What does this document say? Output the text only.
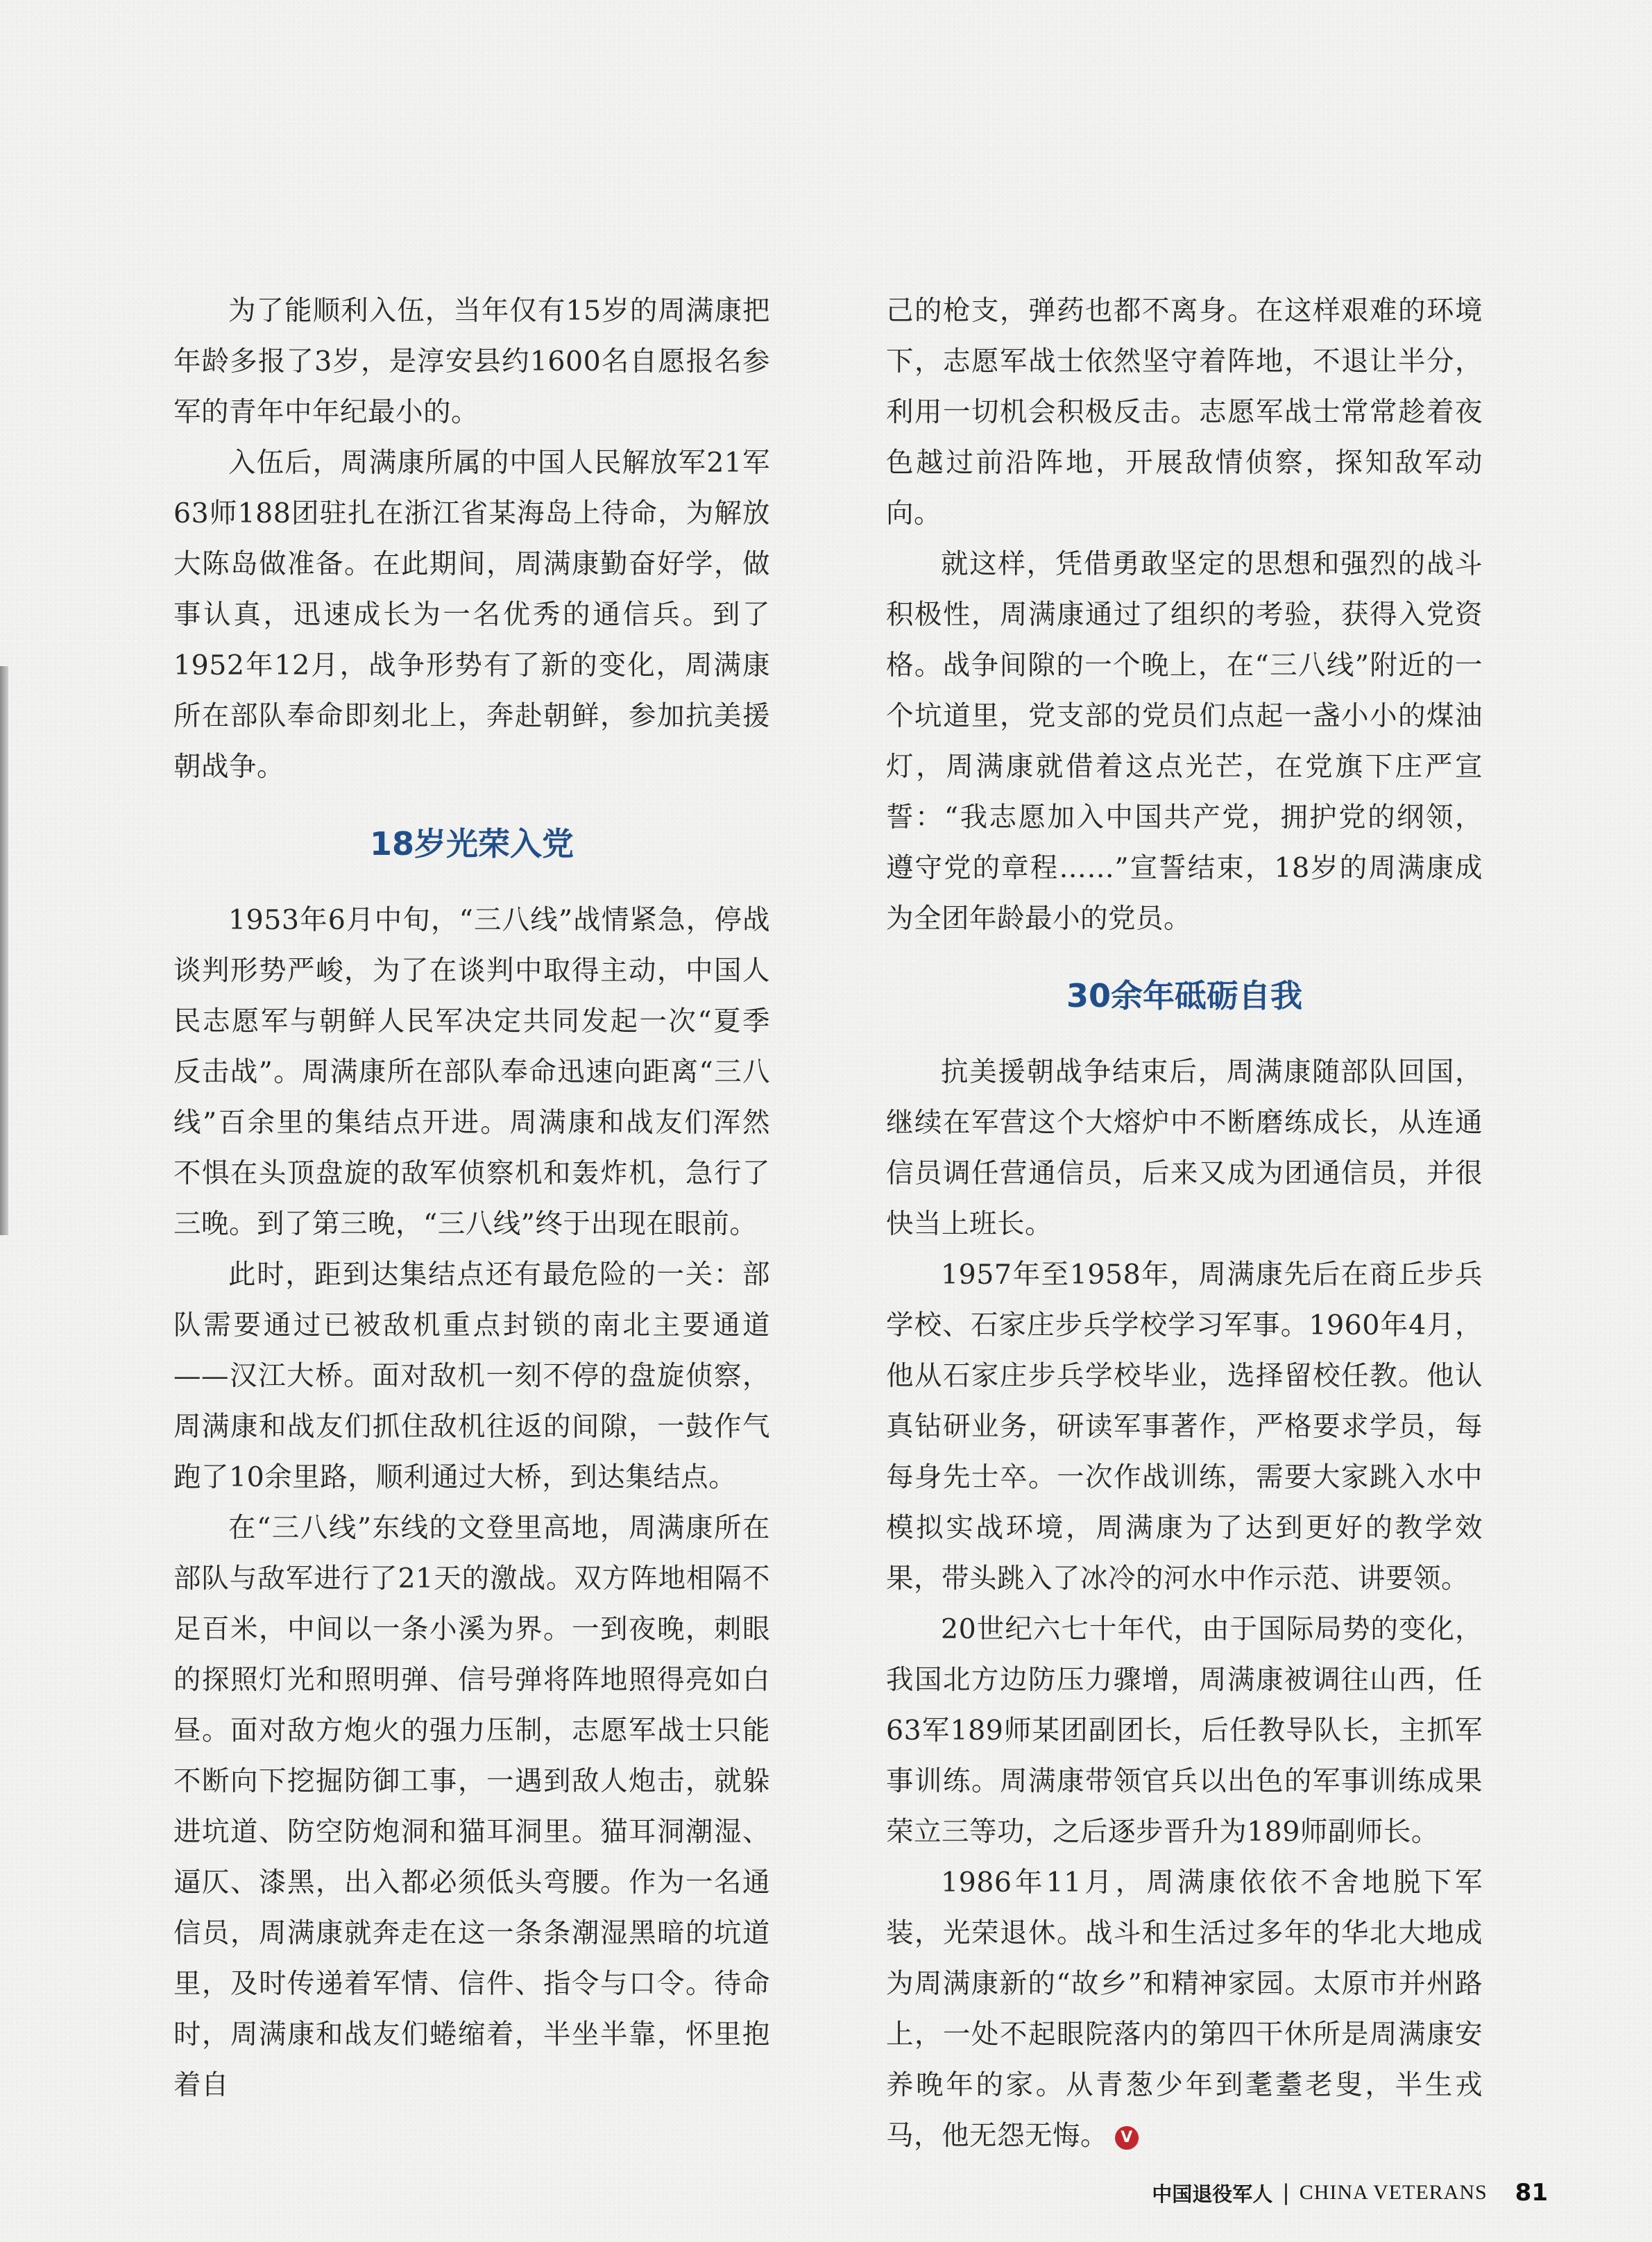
为了能顺利入伍，当年仅有15岁的周满康把年龄多报了3岁，是淳安县约1600名自愿报名参军的青年中年纪最小的。

入伍后，周满康所属的中国人民解放军21军63师188团驻扎在浙江省某海岛上待命，为解放大陈岛做准备。在此期间，周满康勤奋好学，做事认真，迅速成长为一名优秀的通信兵。到了1952年12月，战争形势有了新的变化，周满康所在部队奉命即刻北上，奔赴朝鲜，参加抗美援朝战争。

18岁光荣入党

1953年6月中旬，“三八线”战情紧急，停战谈判形势严峻，为了在谈判中取得主动，中国人民志愿军与朝鲜人民军决定共同发起一次“夏季反击战”。周满康所在部队奉命迅速向距离“三八线”百余里的集结点开进。周满康和战友们浑然不惧在头顶盘旋的敌军侦察机和轰炸机，急行了三晚。到了第三晚，“三八线”终于出现在眼前。

此时，距到达集结点还有最危险的一关：部队需要通过已被敌机重点封锁的南北主要通道——汉江大桥。面对敌机一刻不停的盘旋侦察，周满康和战友们抓住敌机往返的间隙，一鼓作气跑了10余里路，顺利通过大桥，到达集结点。

在“三八线”东线的文登里高地，周满康所在部队与敌军进行了21天的激战。双方阵地相隔不足百米，中间以一条小溪为界。一到夜晚，刺眼的探照灯光和照明弹、信号弹将阵地照得亮如白昼。面对敌方炮火的强力压制，志愿军战士只能不断向下挖掘防御工事，一遇到敌人炮击，就躲进坑道、防空防炮洞和猫耳洞里。猫耳洞潮湿、逼仄、漆黑，出入都必须低头弯腰。作为一名通信员，周满康就奔走在这一条条潮湿黑暗的坑道里，及时传递着军情、信件、指令与口令。待命时，周满康和战友们蜷缩着，半坐半靠，怀里抱着自

己的枪支，弹药也都不离身。在这样艰难的环境下，志愿军战士依然坚守着阵地，不退让半分，利用一切机会积极反击。志愿军战士常常趁着夜色越过前沿阵地，开展敌情侦察，探知敌军动向。

就这样，凭借勇敢坚定的思想和强烈的战斗积极性，周满康通过了组织的考验，获得入党资格。战争间隙的一个晚上，在“三八线”附近的一个坑道里，党支部的党员们点起一盏小小的煤油灯，周满康就借着这点光芒，在党旗下庄严宣誓：“我志愿加入中国共产党，拥护党的纲领，遵守党的章程……”宣誓结束，18岁的周满康成为全团年龄最小的党员。

30余年砥砺自我

抗美援朝战争结束后，周满康随部队回国，继续在军营这个大熔炉中不断磨练成长，从连通信员调任营通信员，后来又成为团通信员，并很快当上班长。

1957年至1958年，周满康先后在商丘步兵学校、石家庄步兵学校学习军事。1960年4月，他从石家庄步兵学校毕业，选择留校任教。他认真钻研业务，研读军事著作，严格要求学员，每每身先士卒。一次作战训练，需要大家跳入水中模拟实战环境，周满康为了达到更好的教学效果，带头跳入了冰冷的河水中作示范、讲要领。

20世纪六七十年代，由于国际局势的变化，我国北方边防压力骤增，周满康被调往山西，任63军189师某团副团长，后任教导队长，主抓军事训练。周满康带领官兵以出色的军事训练成果荣立三等功，之后逐步晋升为189师副师长。

1986年11月，周满康依依不舍地脱下军装，光荣退休。战斗和生活过多年的华北大地成为周满康新的“故乡”和精神家园。太原市并州路上，一处不起眼院落内的第四干休所是周满康安养晚年的家。从青葱少年到耄耋老叟，半生戎马，他无怨无悔。 V

中国退役军人 | CHINA VETERANS 81
